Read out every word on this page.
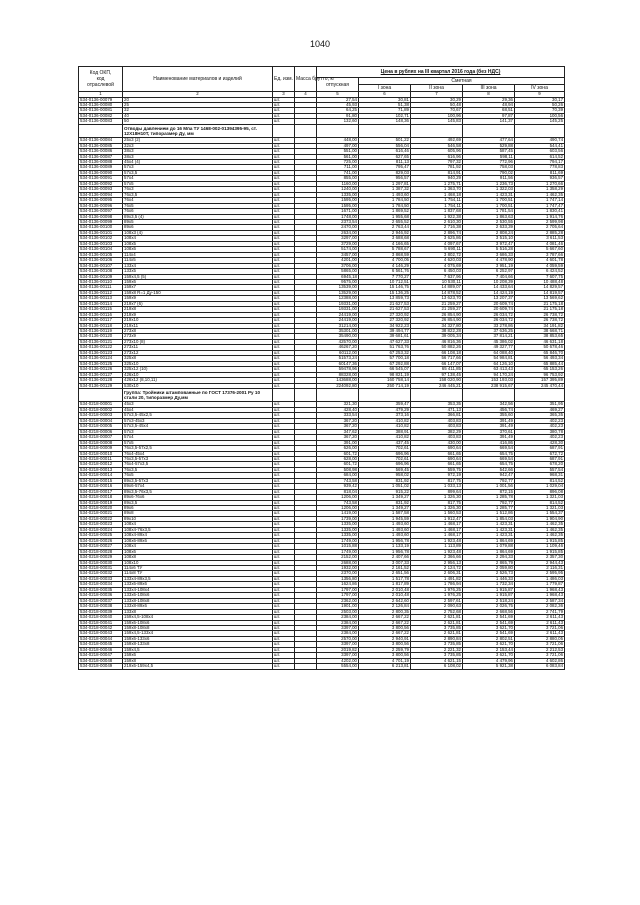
1040
Код ОКП,
код
отраслевой	Наименование материалов и изделий	Ед. изм.	Масса брутто, кг	Цена в рублях на III квартал 2016 года (без НДС)				
				отпускная	Сметная			
					I зона	II зона	III зона	IV зона
1	2	3	4	5	6	7	8	9
534-0136-00079	20	шт.		27,54	30,81	30,29	29,36	30,17
534-0136-00080	25	шт.		45,93	51,38	50,48	48,94	50,26
534-0136-00081	32	шт.		64,25	71,89	70,67	68,51	70,39
534-0136-00082	40	шт.		91,80	102,71	100,96	97,87	100,56
534-0136-00083	50	шт.		132,60	148,36	145,83	141,37	145,25
	Отводы давлением до 16 Мпа ТУ 1468-002-01394395-95, ст. 12Х18Н10Т, типоразмер Ду, мм							
534-0136-00084	25x3 (2)	шт.		448,00	501,22	492,69	477,64	490,74
534-0136-00085	32x3	шт.		497,00	556,04	546,58	529,88	544,41
534-0136-00086	38x3	шт.		551,00	616,46	605,96	587,45	603,56
534-0136-00087	38x3	шт.		561,00	627,65	616,96	598,11	614,52
534-0136-00088	45x4 (4)	шт.		725,00	811,13	797,32	772,96	794,17
534-0136-00089	57x3	шт.		711,00	795,47	781,92	758,03	778,83
534-0136-00090	57x3,5	шт.		741,00	829,03	814,91	790,02	811,69
534-0136-00091	57x4	шт.		855,00	956,57	940,29	911,56	936,57
534-0136-00092	57x5	шт.		1160,00	1 297,81	1 275,71	1 236,73	1 270,66
534-0136-00093	76x3	шт.		1240,00	1 387,32	1 363,70	1 322,03	1 358,29
534-0136-00094	76x3,5	шт.		1335,00	1 493,60	1 468,18	1 423,31	1 462,35
534-0136-00095	76x4	шт.		1595,00	1 784,50	1 754,11	1 700,51	1 747,14
534-0136-00096	76x5	шт.		1595,00	1 784,50	1 754,11	1 700,51	1 747,47
534-0136-00097	76x6	шт.		1671,00	1 869,52	1 837,68	1 781,54	1 830,41
534-0136-00098	89x3,5 (4)	шт.		1748,00	1 955,68	1 922,38	1 863,63	1 914,76
534-0136-00099	89x5	шт.		2373,54	2 655,52	2 610,30	2 530,55	2 599,98
534-0136-00100	89x6	шт.		2470,00	2 763,44	2 716,38	2 633,39	2 705,64
534-0136-00101	108x3 (4)	шт.		2634,00	2 946,92	2 896,74	2 808,24	2 885,28
534-0136-00102	108x4	шт.		3297,00	3 688,68	3 625,86	3 515,10	3 611,53
534-0136-00103	108x5	шт.		3729,00	4 166,65	4 097,67	3 972,47	4 081,46
534-0136-00104	108x6	шт.		5174,00	5 788,67	5 690,11	5 516,28	5 667,60
534-0136-00105	114x4	шт.		3457,00	3 868,59	3 802,72	3 686,33	3 787,66
534-0136-00106	114x5	шт.		4201,00	4 700,05	4 620,03	4 478,90	4 601,78
534-0136-00107	133x4	шт.		3706,00	4 146,29	4 075,69	3 951,19	4 059,59
534-0136-00108	133x5	шт.		5865,00	6 561,76	6 450,03	6 252,97	6 424,52
534-0136-00109	159x4,5 (5)	шт.		6945,18	7 770,27	7 637,96	7 404,66	7 607,75
534-0136-00110	159x6	шт.		9575,00	10 712,51	10 530,11	10 208,39	10 488,48
534-0136-00111	159x7	шт.		13539,00	15 146,75	14 889,07	14 433,64	14 829,57
534-0136-00112	159x8 R=1 Ду-150	шт.		13529,00	15 136,25	14 878,52	14 424,19	14 819,57
534-0136-00113	159x9	шт.		12388,00	13 859,73	13 623,70	13 207,37	13 569,62
534-0136-00114	219x7 (6)	шт.		19331,00	21 627,53	21 259,27	20 609,74	21 175,18
534-0136-00115	219x8	шт.		19331,00	21 627,53	21 259,27	20 609,74	21 175,18
534-0136-00116	219x9	шт.		24419,00	27 320,92	26 854,90	26 034,72	26 738,72
534-0136-00117	219x10	шт.		24419,00	27 320,92	26 854,90	26 034,72	26 738,72
534-0136-00118	219x11	шт.		31214,00	34 922,23	34 327,80	33 278,86	34 191,82
534-0136-00119	273x8	шт.		35301,00	39 494,77	38 822,28	37 636,25	38 668,71
534-0136-00120	273x9	шт.		35490,00	39 681,61	39 005,34	37 814,21	38 853,65
534-0136-00121	273x10 (8)	шт.		42570,00	47 627,33	46 816,36	45 386,02	46 631,18
534-0136-00122	273x11	шт.		46267,20	51 763,76	50 882,26	49 327,77	50 678,46
534-0136-00123	273x12	шт.		60112,00	67 253,32	66 108,18	64 088,40	65 846,70
534-0136-00124	325x8	шт.		51573,24	57 700,18	56 717,66	54 984,81	56 493,34
534-0136-00125	325x10	шт.		60147,36	67 292,88	66 147,07	64 126,10	65 885,44
534-0136-00126	325x12 (10)	шт.		59478,96	66 545,07	65 411,85	63 413,43	65 153,26
534-0136-00127	426x10	шт.		88328,00	98 821,19	97 138,45	94 170,24	96 753,92
534-0136-00128	426x12 (8,10,11)	шт.		143688,00	160 758,14	158 020,90	153 193,03	157 395,89
534-0136-00129	530x10	шт.		224092,80	250 714,19	246 445,21	238 915,67	245 470,44
	Группа: Тройники штампованные по ГОСТ 17376-2001 Ру 10 стали 20, типоразмер Ду,мм							
534-0218-00001	45x3	шт.		321,30	359,47	353,35	342,56	351,95
534-0218-00002	45x4	шт.		428,40	479,29	471,13	456,74	469,27
534-0218-00003	57x3,5-45x2,5	шт.		333,54	373,16	366,81	355,60	365,35
534-0218-00004	57x3-45x3	шт.		367,20	410,82	403,83	391,49	402,23
534-0218-00005	57x3,5-45x4	шт.		367,20	410,82	403,83	391,49	402,23
534-0218-00006	57x3	шт.		347,62	388,91	382,29	370,61	380,78
534-0218-00007	57x4	шт.		367,20	410,82	403,83	391,49	402,23
534-0218-00008	57x5	шт.		391,00	437,45	430,00	416,86	428,30
534-0218-00009	76x3,5-57x2,5	шт.		626,00	702,61	690,64	669,54	687,91
534-0218-00010	76x4-45x4	шт.		601,72	696,96	661,65	654,75	672,72
534-0218-00011	76x3,5-57x3	шт.		628,00	702,61	690,64	669,54	687,91
534-0218-00012	76x4-57x3,5	шт.		601,72	696,96	661,65	654,75	678,20
534-0218-00013	76x3,5	шт.		508,98	569,45	559,75	542,66	557,54
534-0218-00014	76x5	шт.		684,00	958,02	972,19	942,47	968,31
534-0218-00015	89x3,5-57x3	шт.		743,58	831,92	817,75	792,77	814,52
534-0218-00016	89x6-57x4	шт.		939,42	1 051,02	1 033,13	1 001,56	1 029,04
534-0218-00017	89x3,5-76x3,5	шт.		818,04	915,22	899,64	872,15	896,08
534-0218-00018	89x6-76x6	шт.		1206,00	1 349,27	1 326,30	1 285,78	1 321,03
534-0218-00019	89x3,5	шт.		743,58	831,92	817,75	792,77	814,52
534-0218-00020	89x6	шт.		1206,00	1 349,27	1 326,30	1 285,77	1 321,03
534-0218-00021	89x8	шт.		1419,00	1 587,58	1 560,53	1 512,86	1 554,37
534-0218-00022	89x10	шт.		1739,00	1 945,59	1 912,47	1 854,03	1 904,90
534-0218-00023	108x4	шт.		1335,00	1 493,60	1 468,17	1 423,31	1 462,35
534-0218-00024	108x4-76x3,5	шт.		1335,00	1 493,60	1 468,17	1 423,31	1 462,35
534-0218-00025	108x4-89x4	шт.		1335,00	1 493,60	1 468,17	1 423,31	1 462,35
534-0218-00026	108x6-89x6	шт.		1749,00	1 956,78	1 923,48	1 864,69	1 915,85
534-0218-00027	108x4	шт.		1015,88	1 133,19	1 113,89	1 079,88	1 109,46
534-0218-00028	108x6	шт.		1749,00	1 956,78	1 923,48	1 864,69	1 915,85
534-0218-00029	108x8	шт.		2152,00	2 407,66	2 366,66	2 294,33	2 357,30
534-0218-00030	108x10	шт.		2688,00	3 007,33	2 956,13	2 865,79	2 944,43
534-0218-00031	114x6 ТУ	шт.		1932,00	2 161,52	2 124,72	2 059,80	2 116,31
534-0218-00032	114x8 ТУ	шт.		2370,00	2 651,56	2 606,31	2 526,73	2 595,95
534-0218-00033	133x4-89x3,5	шт.		1356,80	1 517,78	1 491,82	1 446,33	1 486,03
534-0218-00034	133x6-89x6	шт.		1624,86	1 817,89	1 786,94	1 732,34	1 779,87
534-0218-00035	133x4-108x4	шт.		1797,00	2 010,48	1 976,25	1 915,87	1 968,43
534-0218-00036	133x6-108x6	шт.		1797,00	2 010,48	1 976,25	1 915,87	1 968,43
534-0218-00037	133x8-108x8	шт.		2362,00	2 642,60	2 597,61	2 518,24	2 587,34
534-0218-00038	133x8-89x6	шт.		1901,00	2 126,84	2 090,63	2 026,75	2 082,36
534-0218-00039	133x8	шт.		2503,00	2 800,35	2 752,68	2 668,56	2 741,79
534-0218-00040	159x4,5-108x4	шт.		2384,00	2 667,22	2 621,81	2 541,69	2 611,43
534-0218-00041	159x6-108x6	шт.		2384,00	2 667,22	2 621,81	2 541,69	2 611,43
534-0218-00042	159x8-108x8	шт.		3397,00	3 800,56	3 735,85	3 621,70	3 721,06
534-0218-00043	159x4,5-133x4	шт.		2384,00	2 667,22	2 621,81	2 541,69	2 611,43
534-0218-00044	159x6-133x6	шт.		2570,00	2 940,91	2 890,84	2 802,51	2 880,05
534-0218-00045	159x8-133x8	шт.		3397,00	3 800,56	3 735,85	3 621,70	3 721,06
534-0218-00046	159x4,5	шт.		2019,82	2 259,79	2 221,32	2 153,44	2 212,53
534-0218-00047	159x6	шт.		3397,00	3 800,56	3 735,85	3 621,70	3 721,06
534-0218-00048	159x8	шт.		4202,00	4 701,19	4 621,15	4 479,96	4 602,86
534-0218-00049	219x6-159x4,5	шт.		5554,00	6 213,81	6 108,02	5 921,38	6 083,84
